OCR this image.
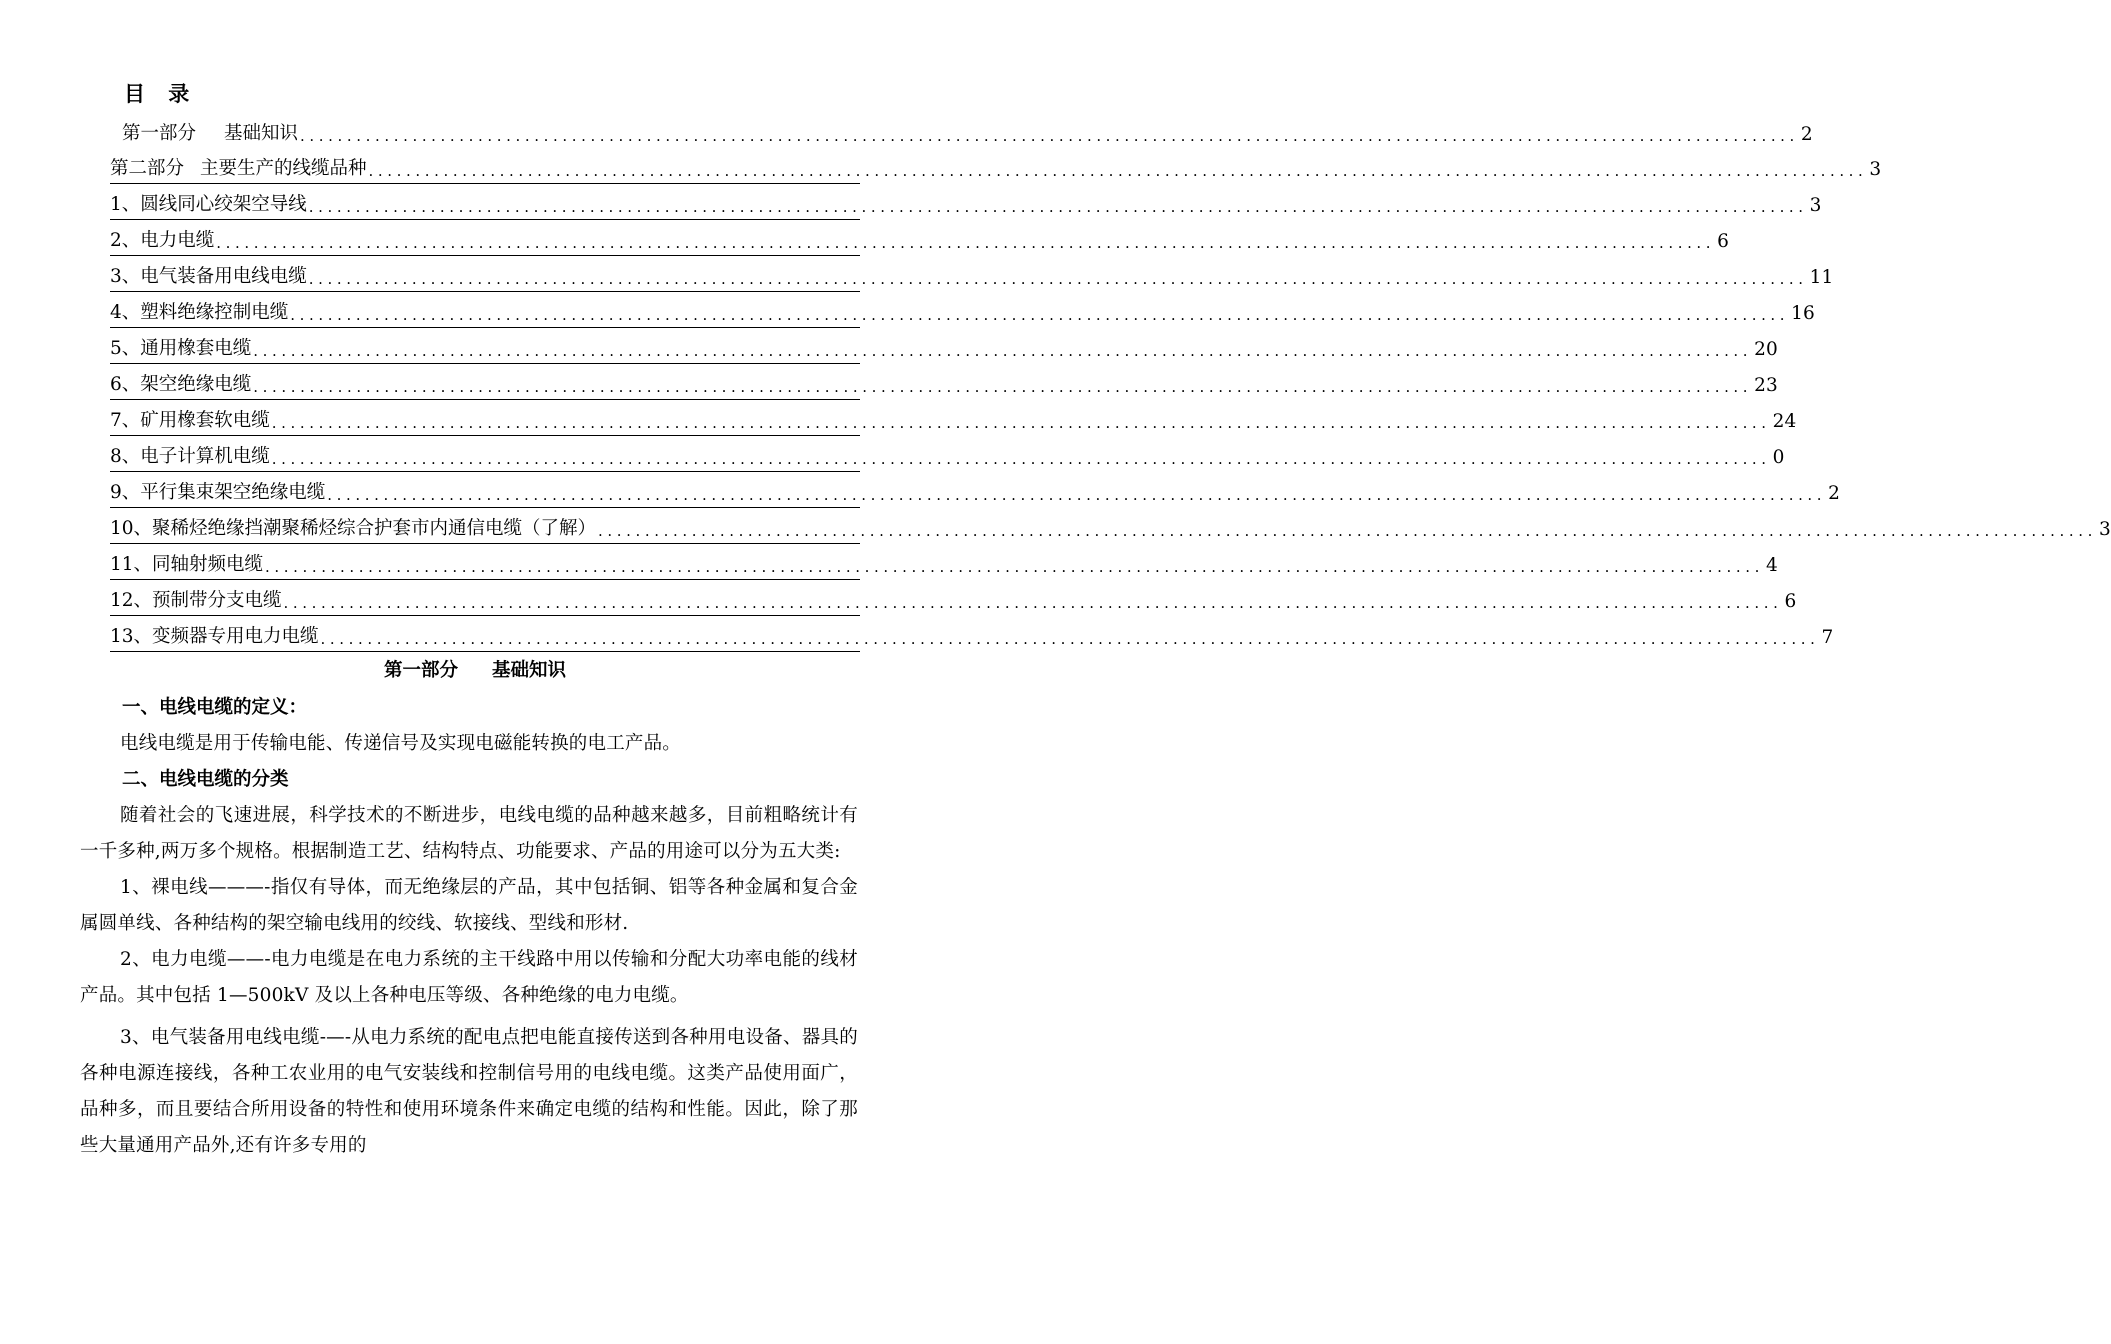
目 录
第一部分 基础知识 ................................................................................................................................................................ 2
第二部分 主要生产的线缆品种 ................................................................................................................................................................ 3
1、圆线同心绞架空导线 ................................................................................................................................................................ 3
2、电力电缆 ................................................................................................................................................................ 6
3、电气装备用电线电缆 ................................................................................................................................................................ 11
4、塑料绝缘控制电缆 ................................................................................................................................................................ 16
5、通用橡套电缆 ................................................................................................................................................................ 20
6、架空绝缘电缆 ................................................................................................................................................................ 23
7、矿用橡套软电缆 ................................................................................................................................................................ 24
8、电子计算机电缆 ................................................................................................................................................................ 0
9、平行集束架空绝缘电缆 ................................................................................................................................................................ 2
10、聚稀烃绝缘挡潮聚稀烃综合护套市内通信电缆（了解） ................................................................................................................................................................ 3
11、同轴射频电缆 ................................................................................................................................................................ 4
12、预制带分支电缆 ................................................................................................................................................................ 6
13、变频器专用电力电缆 ................................................................................................................................................................ 7
第一部分 基础知识
一、电线电缆的定义：

电线电缆是用于传输电能、传递信号及实现电磁能转换的电工产品。

二、电线电缆的分类

随着社会的飞速进展，科学技术的不断进步，电线电缆的品种越来越多，目前粗略统计有一千多种,两万多个规格。根据制造工艺、结构特点、功能要求、产品的用途可以分为五大类:

1、裸电线———-指仅有导体，而无绝缘层的产品，其中包括铜、铝等各种金属和复合金属圆单线、各种结构的架空输电线用的绞线、软接线、型线和形材.

2、电力电缆——-电力电缆是在电力系统的主干线路中用以传输和分配大功率电能的线材产品。其中包括 1—500kV 及以上各种电压等级、各种绝缘的电力电缆。

3、电气装备用电线电缆-—-从电力系统的配电点把电能直接传送到各种用电设备、器具的各种电源连接线，各种工农业用的电气安装线和控制信号用的电线电缆。这类产品使用面广，品种多，而且要结合所用设备的特性和使用环境条件来确定电缆的结构和性能。因此，除了那些大量通用产品外,还有许多专用的
